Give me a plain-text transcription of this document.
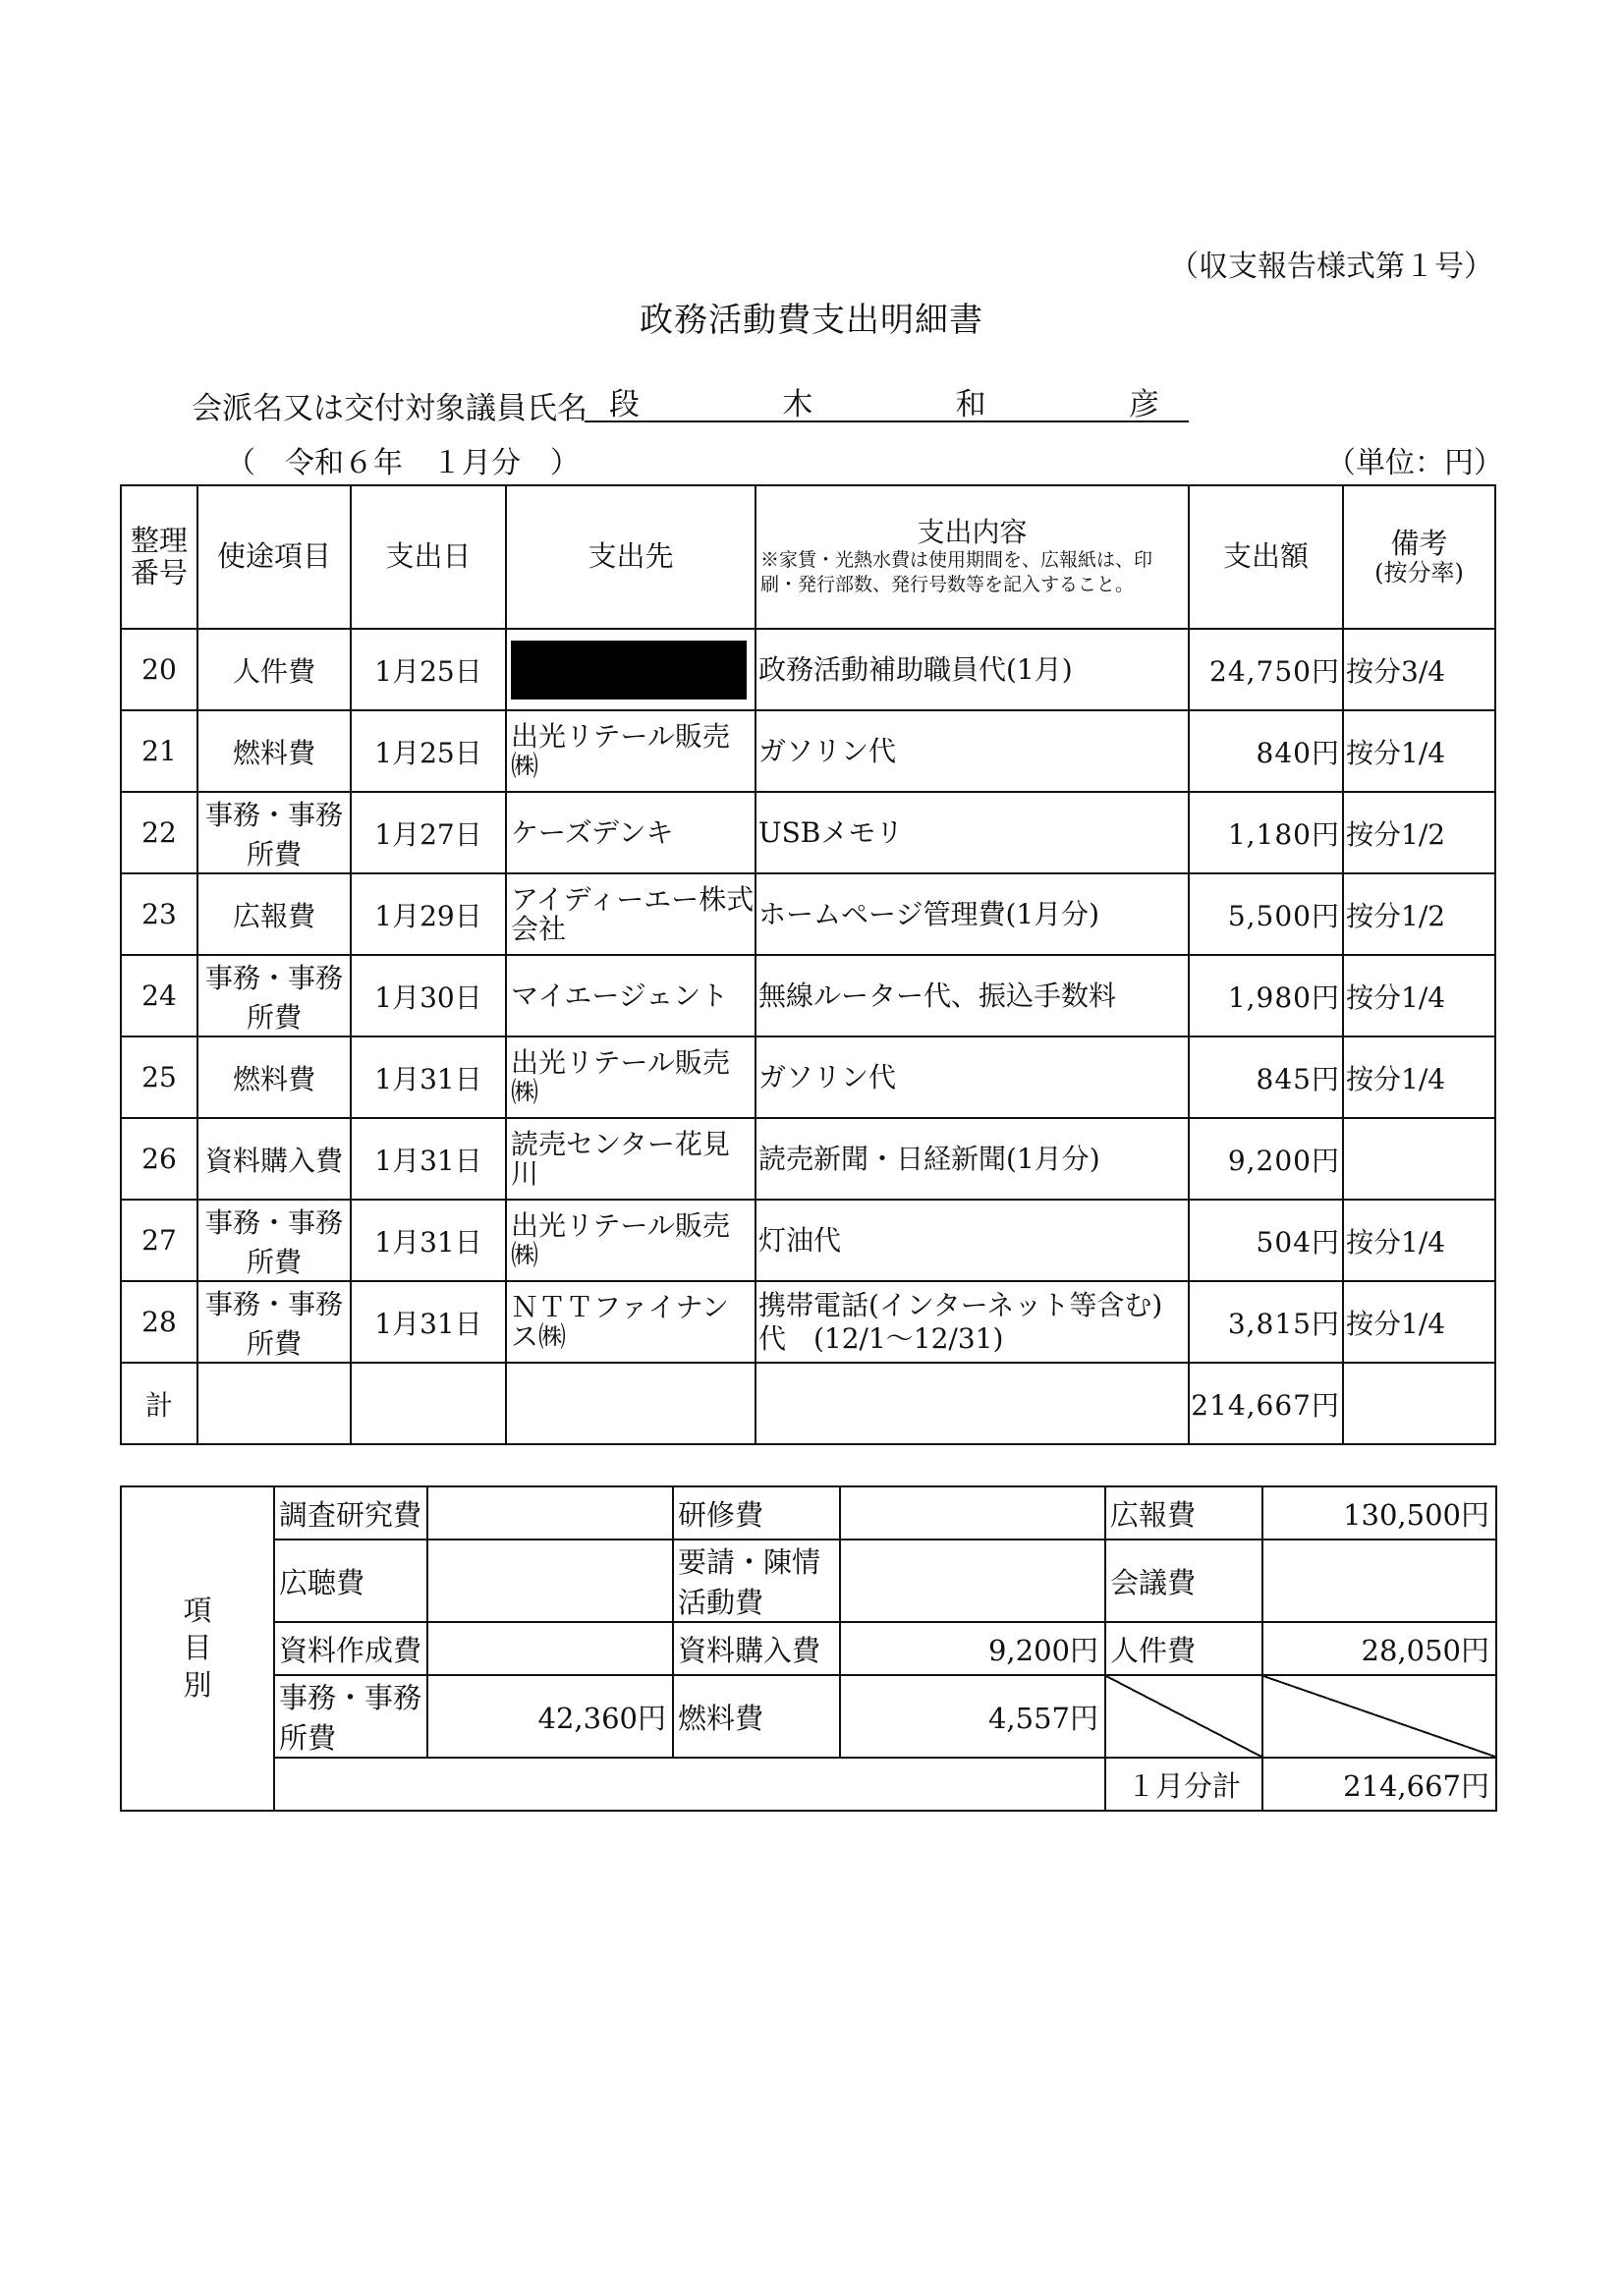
（収支報告様式第１号）
政務活動費支出明細書
会派名又は交付対象議員氏名 段	木	和	彦
（　令和６年　１月分　）	（単位：円）
整理番号	使途項目	支出日	支出先	支出内容
※家賃・光熱水費は使用期間を、広報紙は、印刷・発行部数、発行号数等を記入すること。	支出額	備考
(按分率)

20	人件費	1月25日		政務活動補助職員代(1月)	24,750円	按分3/4
21	燃料費	1月25日	出光リテール販売㈱	ガソリン代	840円	按分1/4
22	事務・事務所費	1月27日	ケーズデンキ	USBメモリ	1,180円	按分1/2
23	広報費	1月29日	アイディーエー株式会社	ホームページ管理費(1月分)	5,500円	按分1/2
24	事務・事務所費	1月30日	マイエージェント	無線ルーター代、振込手数料	1,980円	按分1/4
25	燃料費	1月31日	出光リテール販売㈱	ガソリン代	845円	按分1/4
26	資料購入費	1月31日	読売センター花見川	読売新聞・日経新聞(1月分)	9,200円	
27	事務・事務所費	1月31日	出光リテール販売㈱	灯油代	504円	按分1/4
28	事務・事務所費	1月31日	ＮＴＴファイナンス㈱	携帯電話(インターネット等含む)代　(12/1～12/31)	3,815円	按分1/4
計					214,667円	
項
目
別	調査研究費		研修費		広報費	130,500円
	広聴費		要請・陳情活動費		会議費	
	資料作成費		資料購入費	9,200円	人件費	28,050円
	事務・事務所費	42,360円	燃料費	4,557円		
					１月分計	214,667円
